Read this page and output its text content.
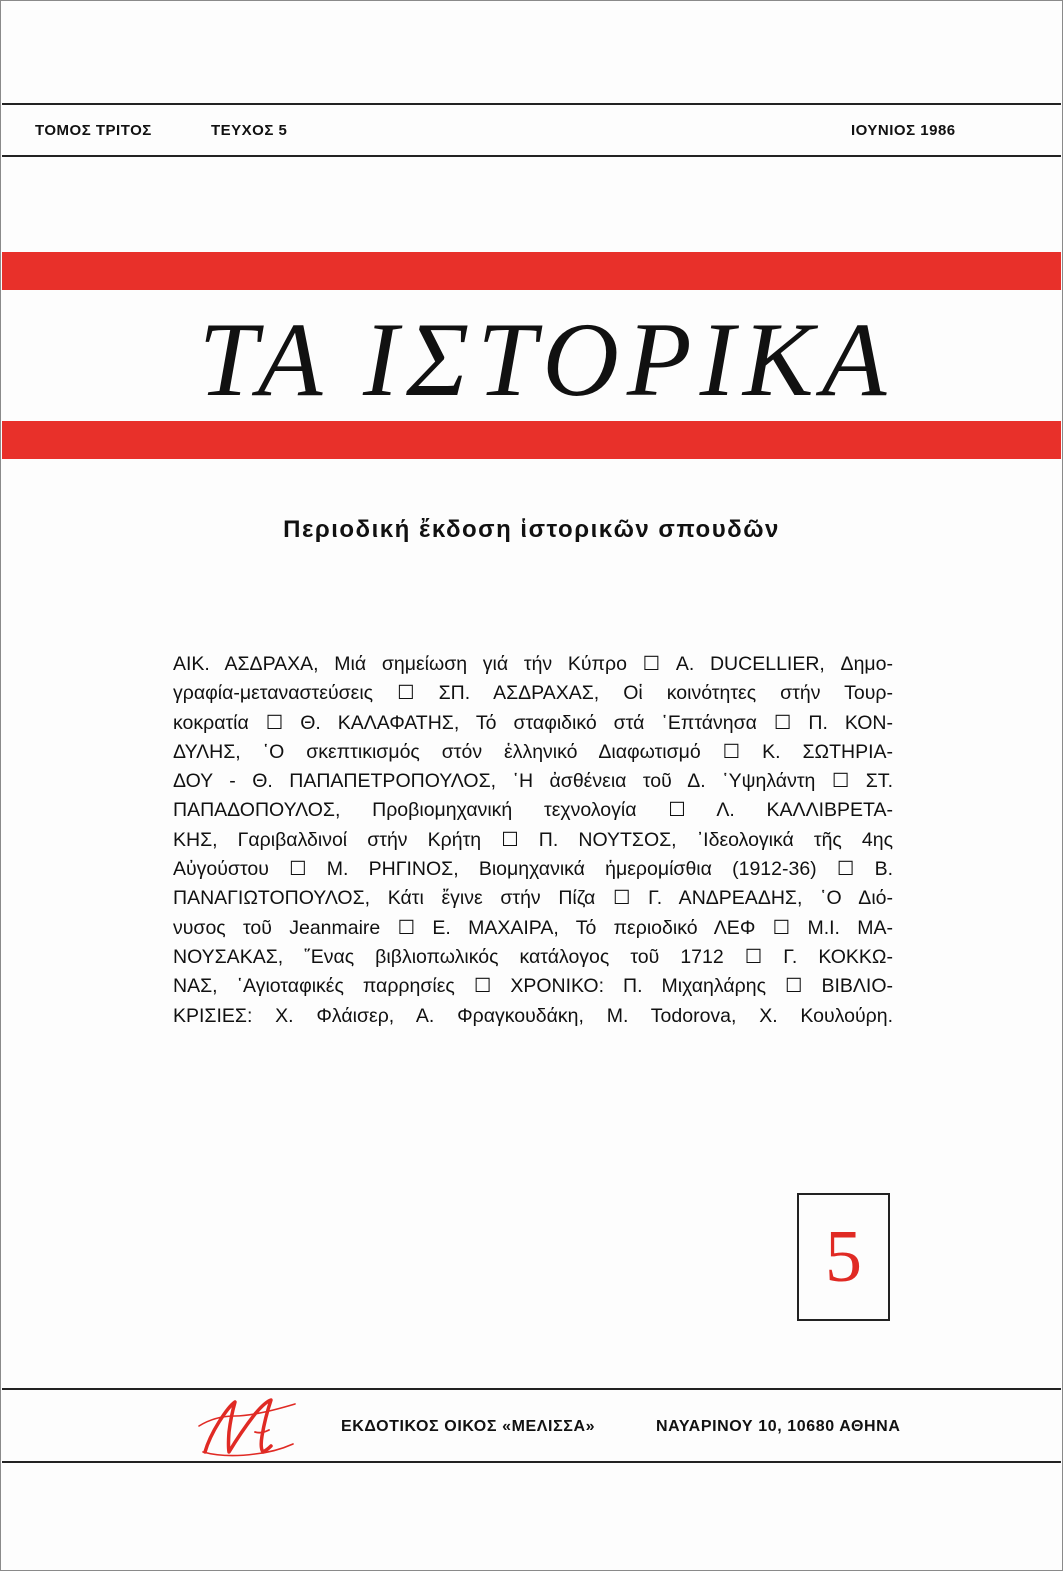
ΤΟΜΟΣ ΤΡΙΤΟΣ	ΤΕΥΧΟΣ 5	ΙΟΥΝΙΟΣ 1986
ΤΑ ΙΣΤΟΡΙΚΑ
Περιοδική ἔκδοση ἱστορικῶν σπουδῶν
ΑΙΚ. ΑΣΔΡΑΧΑ, Μιά σημείωση γιά τήν Κύπρο ☐ A. DUCELLIER, Δημο-
γραφία-μεταναστεύσεις ☐ ΣΠ. ΑΣΔΡΑΧΑΣ, Οἱ κοινότητες στήν Τουρ-
κοκρατία ☐ Θ. ΚΑΛΑΦΑΤΗΣ, Τό σταφιδικό στά ῾Επτάνησα ☐ Π. ΚΟΝ-
ΔΥΛΗΣ, ῾Ο σκεπτικισμός στόν ἑλληνικό Διαφωτισμό ☐ Κ. ΣΩΤΗΡΙΑ-
ΔΟΥ - Θ. ΠΑΠΑΠΕΤΡΟΠΟΥΛΟΣ, ῾Η ἀσθένεια τοῦ Δ. ῾Υψηλάντη ☐ ΣΤ.
ΠΑΠΑΔΟΠΟΥΛΟΣ, Προβιομηχανική τεχνολογία ☐ Λ. ΚΑΛΛΙΒΡΕΤΑ-
ΚΗΣ, Γαριβαλδινοί στήν Κρήτη ☐ Π. ΝΟΥΤΣΟΣ, ᾿Ιδεολογικά τῆς 4ης
Αὐγούστου ☐ Μ. ΡΗΓΙΝΟΣ, Βιομηχανικά ἡμερομίσθια (1912-36) ☐ Β.
ΠΑΝΑΓΙΩΤΟΠΟΥΛΟΣ, Κάτι ἔγινε στήν Πίζα ☐ Γ. ΑΝΔΡΕΑΔΗΣ, ῾Ο Διό-
νυσος τοῦ Jeanmaire ☐ Ε. ΜΑΧΑΙΡΑ, Τό περιοδικό ΛΕΦ ☐ Μ.Ι. ΜΑ-
ΝΟΥΣΑΚΑΣ, ῞Ενας βιβλιοπωλικός κατάλογος τοῦ 1712 ☐ Γ. ΚΟΚΚΩ-
ΝΑΣ, ῾Αγιοταφικές παρρησίες ☐ ΧΡΟΝΙΚΟ: Π. Μιχαηλάρης ☐ ΒΙΒΛΙΟ-
ΚΡΙΣΙΕΣ: Χ. Φλάισερ, Α. Φραγκουδάκη, M. Todorova, Χ. Κουλούρη.
5
ΕΚΔΟΤΙΚΟΣ ΟΙΚΟΣ «ΜΕΛΙΣΣΑ»	ΝΑΥΑΡΙΝΟΥ 10, 10680 ΑΘΗΝΑ
